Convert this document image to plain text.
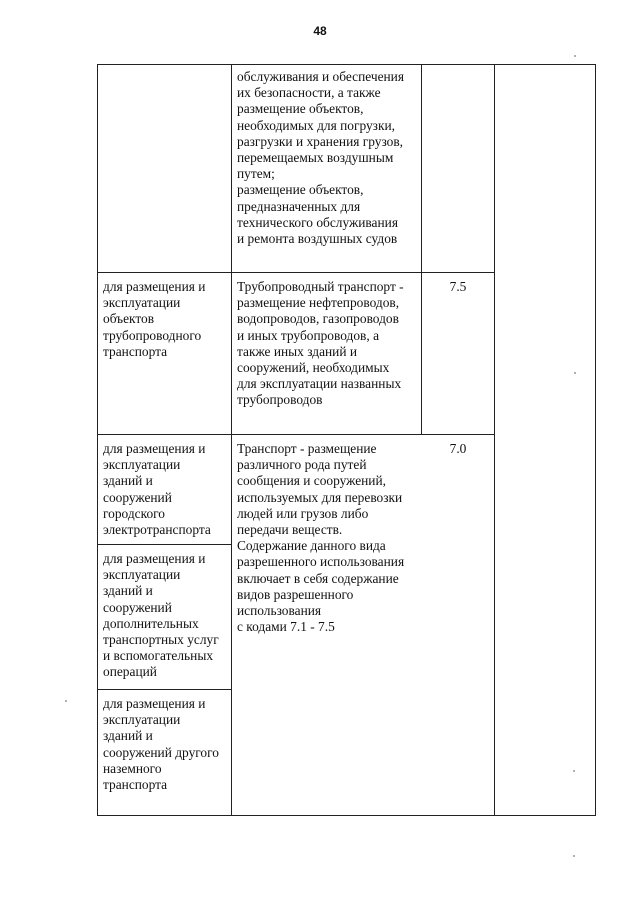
48
обслуживания и обеспечения
их безопасности, а также
размещение объектов,
необходимых для погрузки,
разгрузки и хранения грузов,
перемещаемых воздушным
путем;
размещение объектов,
предназначенных для
технического обслуживания
и ремонта воздушных судов
для размещения и
эксплуатации
объектов
трубопроводного
транспорта
Трубопроводный транспорт -
размещение нефтепроводов,
водопроводов, газопроводов
и иных трубопроводов, а
также иных зданий и
сооружений, необходимых
для эксплуатации названных
трубопроводов
7.5
для размещения и
эксплуатации
зданий и
сооружений
городского
электротранспорта
для размещения и
эксплуатации
зданий и
сооружений
дополнительных
транспортных услуг
и вспомогательных
операций
для размещения и
эксплуатации
зданий и
сооружений другого
наземного
транспорта
Транспорт - размещение
различного рода путей
сообщения и сооружений,
используемых для перевозки
людей или грузов либо
передачи веществ.
Содержание данного вида
разрешенного использования
включает в себя содержание
видов разрешенного
использования
с кодами 7.1 - 7.5
7.0
